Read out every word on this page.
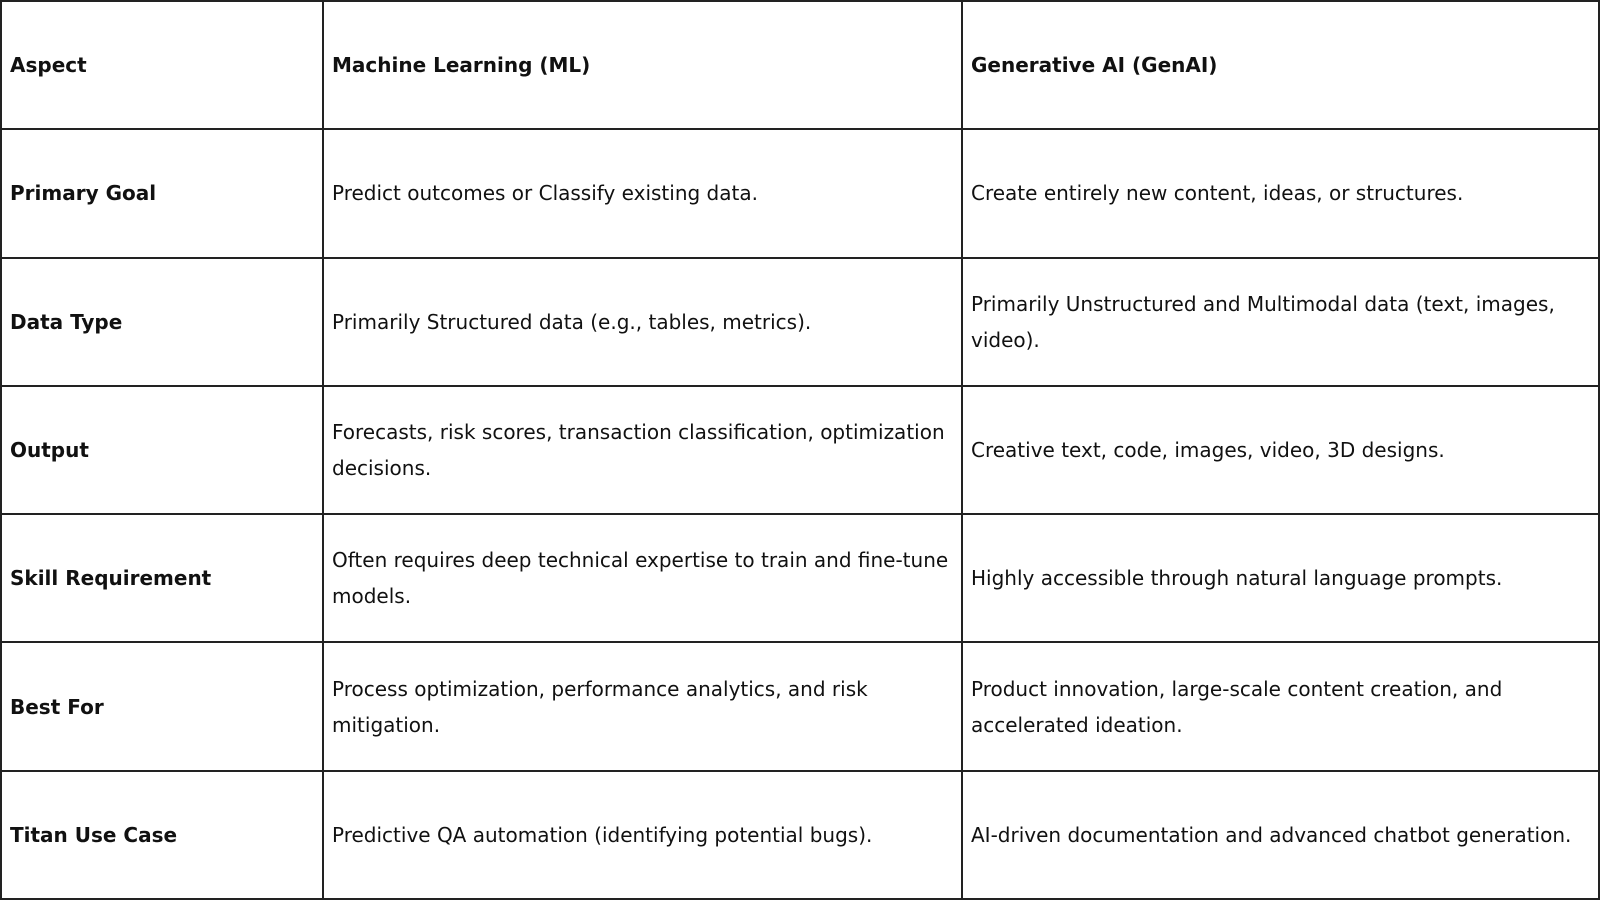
Aspect	Machine Learning (ML)	Generative AI (GenAI)
Primary Goal	Predict outcomes or Classify existing data.	Create entirely new content, ideas, or structures.
Data Type	Primarily Structured data (e.g., tables, metrics).	Primarily Unstructured and Multimodal data (text, images, video).
Output	Forecasts, risk scores, transaction classification, optimization decisions.	Creative text, code, images, video, 3D designs.
Skill Requirement	Often requires deep technical expertise to train and fine-tune models.	Highly accessible through natural language prompts.
Best For	Process optimization, performance analytics, and risk mitigation.	Product innovation, large-scale content creation, and accelerated ideation.
Titan Use Case	Predictive QA automation (identifying potential bugs).	AI-driven documentation and advanced chatbot generation.
